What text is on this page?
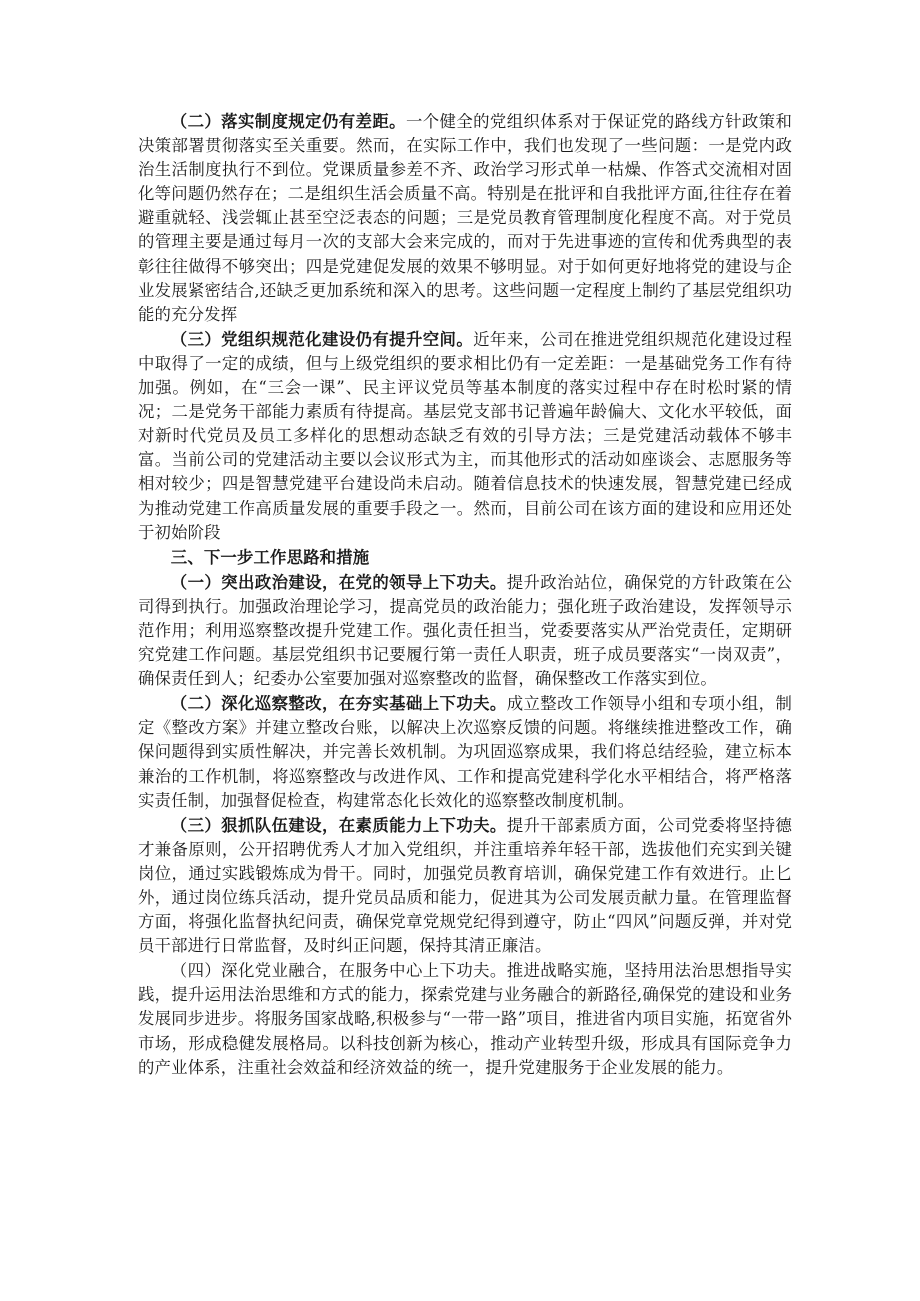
（二）落实制度规定仍有差距。一个健全的党组织体系对于保证党的路线方针政策和决策部署贯彻落实至关重要。然而，在实际工作中，我们也发现了一些问题：一是党内政治生活制度执行不到位。党课质量参差不齐、政治学习形式单一枯燥、作答式交流相对固化等问题仍然存在；二是组织生活会质量不高。特别是在批评和自我批评方面,往往存在着避重就轻、浅尝辄止甚至空泛表态的问题；三是党员教育管理制度化程度不高。对于党员的管理主要是通过每月一次的支部大会来完成的，而对于先进事迹的宣传和优秀典型的表彰往往做得不够突出；四是党建促发展的效果不够明显。对于如何更好地将党的建设与企业发展紧密结合,还缺乏更加系统和深入的思考。这些问题一定程度上制约了基层党组织功能的充分发挥

（三）党组织规范化建设仍有提升空间。近年来，公司在推进党组织规范化建设过程中取得了一定的成绩，但与上级党组织的要求相比仍有一定差距：一是基础党务工作有待加强。例如，在“三会一课”、民主评议党员等基本制度的落实过程中存在时松时紧的情况；二是党务干部能力素质有待提高。基层党支部书记普遍年龄偏大、文化水平较低，面对新时代党员及员工多样化的思想动态缺乏有效的引导方法；三是党建活动载体不够丰富。当前公司的党建活动主要以会议形式为主，而其他形式的活动如座谈会、志愿服务等相对较少；四是智慧党建平台建设尚未启动。随着信息技术的快速发展，智慧党建已经成为推动党建工作高质量发展的重要手段之一。然而，目前公司在该方面的建设和应用还处于初始阶段

三、下一步工作思路和措施

（一）突出政治建设，在党的领导上下功夫。提升政治站位，确保党的方针政策在公司得到执行。加强政治理论学习，提高党员的政治能力；强化班子政治建设，发挥领导示范作用；利用巡察整改提升党建工作。强化责任担当，党委要落实从严治党责任，定期研究党建工作问题。基层党组织书记要履行第一责任人职责，班子成员要落实“一岗双责”，确保责任到人；纪委办公室要加强对巡察整改的监督，确保整改工作落实到位。

（二）深化巡察整改，在夯实基础上下功夫。成立整改工作领导小组和专项小组，制定《整改方案》并建立整改台账，以解决上次巡察反馈的问题。将继续推进整改工作，确保问题得到实质性解决，并完善长效机制。为巩固巡察成果，我们将总结经验，建立标本兼治的工作机制，将巡察整改与改进作风、工作和提高党建科学化水平相结合，将严格落实责任制，加强督促检查，构建常态化长效化的巡察整改制度机制。

（三）狠抓队伍建设，在素质能力上下功夫。提升干部素质方面，公司党委将坚持德才兼备原则，公开招聘优秀人才加入党组织，并注重培养年轻干部，选拔他们充实到关键岗位，通过实践锻炼成为骨干。同时，加强党员教育培训，确保党建工作有效进行。止匕外，通过岗位练兵活动，提升党员品质和能力，促进其为公司发展贡献力量。在管理监督方面，将强化监督执纪问责，确保党章党规党纪得到遵守，防止“四风”问题反弹，并对党员干部进行日常监督，及时纠正问题，保持其清正廉洁。

（四）深化党业融合，在服务中心上下功夫。推进战略实施，坚持用法治思想指导实践，提升运用法治思维和方式的能力，探索党建与业务融合的新路径,确保党的建设和业务发展同步进步。将服务国家战略,积极参与“一带一路”项目，推进省内项目实施，拓宽省外市场，形成稳健发展格局。以科技创新为核心，推动产业转型升级，形成具有国际竞争力的产业体系，注重社会效益和经济效益的统一，提升党建服务于企业发展的能力。
